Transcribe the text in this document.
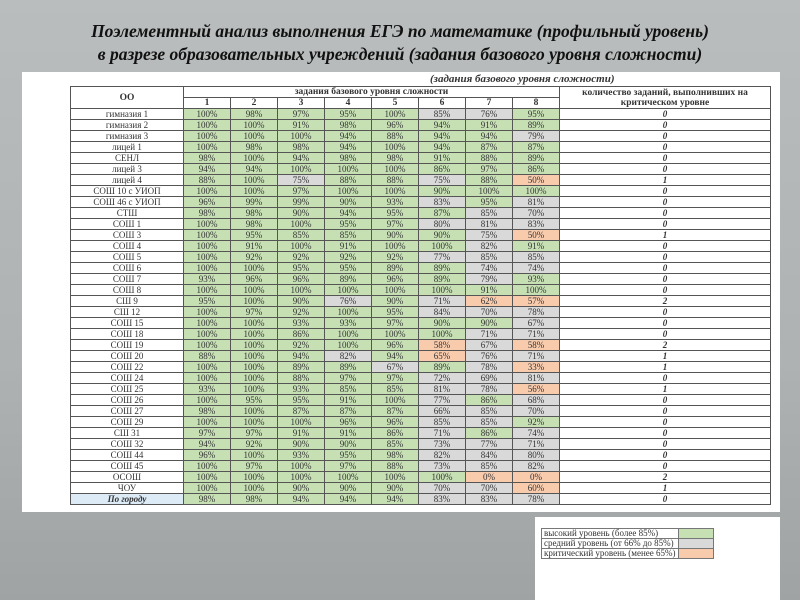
Поэлементный анализ выполнения ЕГЭ по математике (профильный уровень)
в разрезе образовательных учреждений (задания базового уровня сложности)
(задания базового уровня сложности)
ОО	задания базового уровня сложности								количество заданий, выполнивших на критическом уровне
	1	2	3	4	5	6	7	8	
гимназия 1	100%	98%	97%	95%	100%	85%	76%	95%	0
гимназия 2	100%	100%	91%	98%	96%	94%	91%	89%	0
гимназия 3	100%	100%	100%	94%	88%	94%	94%	79%	0
лицей 1	100%	98%	98%	94%	100%	94%	87%	87%	0
СЕНЛ	98%	100%	94%	98%	98%	91%	88%	89%	0
лицей 3	94%	94%	100%	100%	100%	86%	97%	86%	0
лицей 4	88%	100%	75%	88%	88%	75%	88%	50%	1
СОШ 10 с УИОП	100%	100%	97%	100%	100%	90%	100%	100%	0
СОШ 46 с УИОП	96%	99%	99%	90%	93%	83%	95%	81%	0
СТШ	98%	98%	90%	94%	95%	87%	85%	70%	0
СОШ 1	100%	98%	100%	95%	97%	80%	81%	83%	0
СОШ 3	100%	95%	85%	85%	90%	90%	75%	50%	1
СОШ 4	100%	91%	100%	91%	100%	100%	82%	91%	0
СОШ 5	100%	92%	92%	92%	92%	77%	85%	85%	0
СОШ 6	100%	100%	95%	95%	89%	89%	74%	74%	0
СОШ 7	93%	96%	96%	89%	96%	89%	79%	93%	0
СОШ 8	100%	100%	100%	100%	100%	100%	91%	100%	0
СШ 9	95%	100%	90%	76%	90%	71%	62%	57%	2
СШ 12	100%	97%	92%	100%	95%	84%	70%	78%	0
СОШ 15	100%	100%	93%	93%	97%	90%	90%	67%	0
СОШ 18	100%	100%	86%	100%	100%	100%	71%	71%	0
СОШ 19	100%	100%	92%	100%	96%	58%	67%	58%	2
СОШ 20	88%	100%	94%	82%	94%	65%	76%	71%	1
СОШ 22	100%	100%	89%	89%	67%	89%	78%	33%	1
СОШ 24	100%	100%	88%	97%	97%	72%	69%	81%	0
СОШ 25	93%	100%	93%	85%	85%	81%	78%	56%	1
СОШ 26	100%	95%	95%	91%	100%	77%	86%	68%	0
СОШ 27	98%	100%	87%	87%	87%	66%	85%	70%	0
СОШ 29	100%	100%	100%	96%	96%	85%	85%	92%	0
СШ 31	97%	97%	91%	91%	86%	71%	86%	74%	0
СОШ 32	94%	92%	90%	90%	85%	73%	77%	71%	0
СОШ 44	96%	100%	93%	95%	98%	82%	84%	80%	0
СОШ 45	100%	97%	100%	97%	88%	73%	85%	82%	0
ОСОШ	100%	100%	100%	100%	100%	100%	0%	0%	2
ЧОУ	100%	100%	90%	90%	90%	70%	70%	60%	1
По городу	98%	98%	94%	94%	94%	83%	83%	78%	0
высокий уровень (более 85%)	
средний уровень (от 66% до 85%)	
критический уровень (менее 65%)	
